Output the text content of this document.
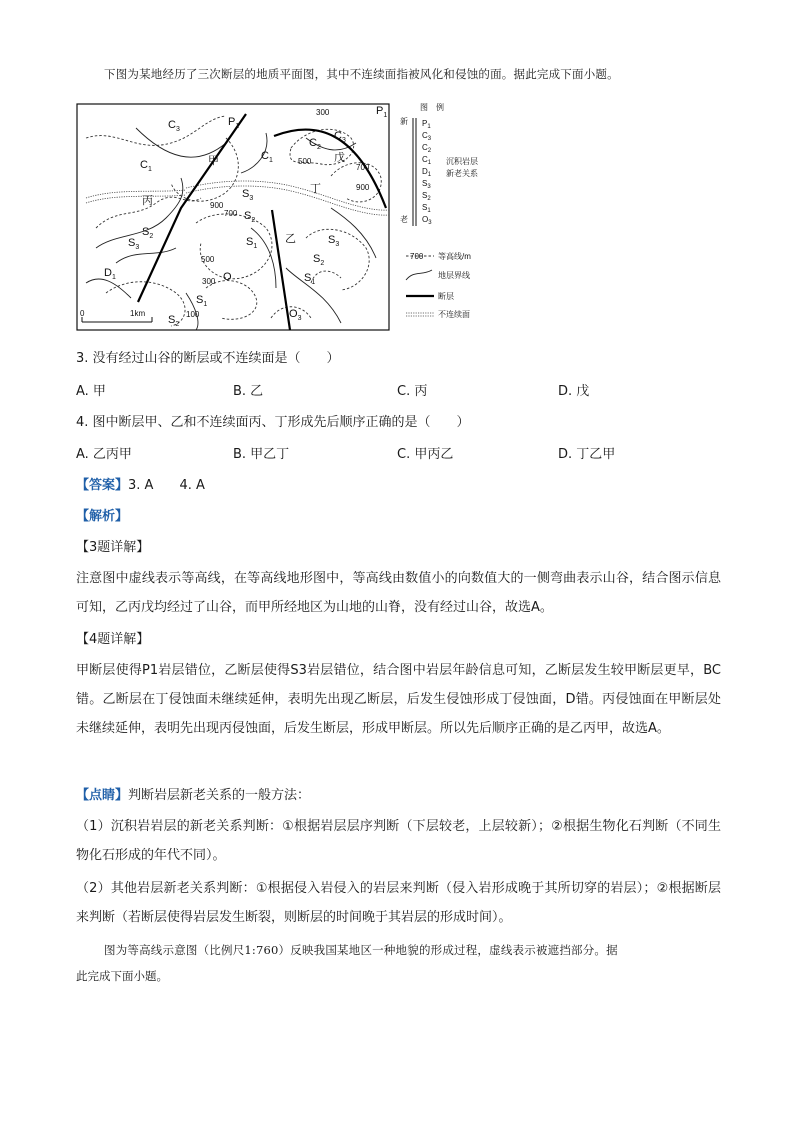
下图为某地经历了三次断层的地质平面图，其中不连续面指被风化和侵蚀的面。据此完成下面小题。
$C_3$
$P_1$
$P_1$
$C_3$
$C_2$
$C_1$
$C_1$
丙
甲	戊
丁
乙
$S_3$
$S_2$
$S_2$
$S_3$	$S_1$
$S_3$
$S_2$
$S_1$
$S_1$
$S_2$
$D_1$	O
$O_3$
300
500
700
900
900
700
500
300
100
0	1km
图　例
新
老
$P_1$
$C_3$
$C_2$
$C_1$
$D_1$
$S_3$
$S_2$
$S_1$
$O_3$
沉积岩层
新老关系
700 等高线/m
地层界线
断层
不连续面
3. 没有经过山谷的断层或不连续面是（　　）
A. 甲	B. 乙	C. 丙	D. 戊
4. 图中断层甲、乙和不连续面丙、丁形成先后顺序正确的是（　　）
A. 乙丙甲	B. 甲乙丁	C. 甲丙乙	D. 丁乙甲
【答案】3. A　　4. A
【解析】
【3题详解】
注意图中虚线表示等高线，在等高线地形图中，等高线由数值小的向数值大的一侧弯曲表示山谷，结合图示信息可知，乙丙戊均经过了山谷，而甲所经地区为山地的山脊，没有经过山谷，故选A。
【4题详解】
甲断层使得P1岩层错位，乙断层使得S3岩层错位，结合图中岩层年龄信息可知，乙断层发生较甲断层更早，BC错。乙断层在丁侵蚀面未继续延伸，表明先出现乙断层，后发生侵蚀形成丁侵蚀面，D错。丙侵蚀面在甲断层处未继续延伸，表明先出现丙侵蚀面，后发生断层，形成甲断层。所以先后顺序正确的是乙丙甲，故选A。
【点睛】判断岩层新老关系的一般方法：
（1）沉积岩岩层的新老关系判断：①根据岩层层序判断（下层较老，上层较新）；②根据生物化石判断（不同生物化石形成的年代不同）。
（2）其他岩层新老关系判断：①根据侵入岩侵入的岩层来判断（侵入岩形成晚于其所切穿的岩层）；②根据断层来判断（若断层使得岩层发生断裂，则断层的时间晚于其岩层的形成时间）。
图为等高线示意图（比例尺1:760）反映我国某地区一种地貌的形成过程，虚线表示被遮挡部分。据
此完成下面小题。
